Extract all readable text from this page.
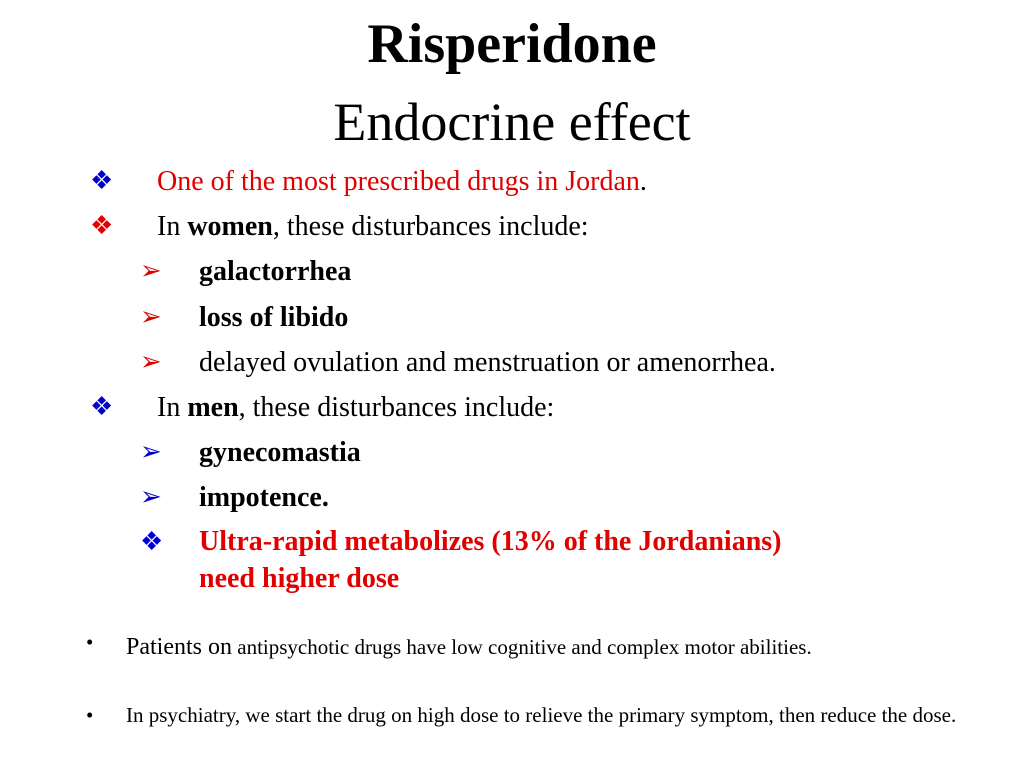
Risperidone
Endocrine effect
❖ One of the most prescribed drugs in Jordan.
❖ In women, these disturbances include:
➢ galactorrhea
➢ loss of libido
➢ delayed ovulation and menstruation or amenorrhea.
❖ In men, these disturbances include:
➢ gynecomastia
➢ impotence.
❖ Ultra-rapid metabolizes (13% of the Jordanians)
need higher dose
• Patients on antipsychotic drugs have low cognitive and complex motor abilities.
• In psychiatry, we start the drug on high dose to relieve the primary symptom, then reduce the dose.
